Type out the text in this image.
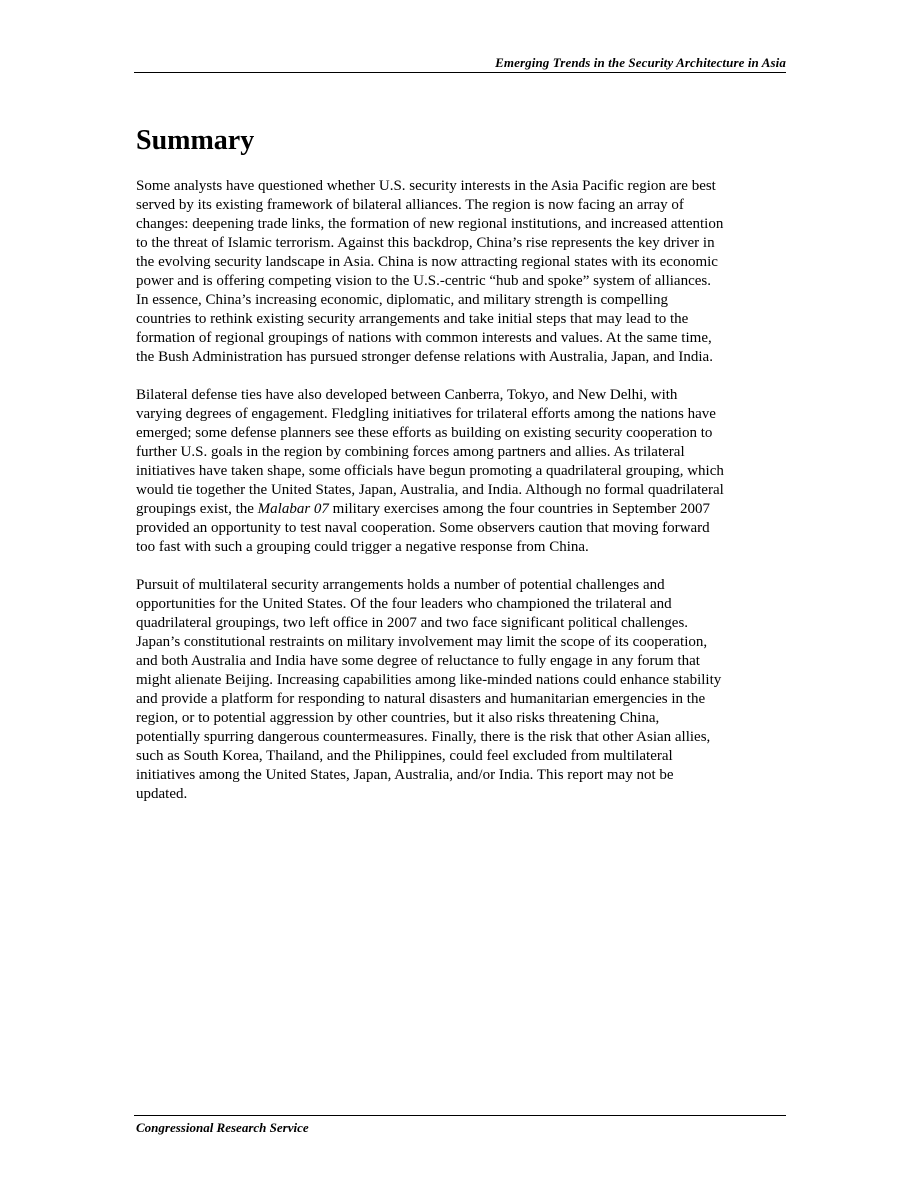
Emerging Trends in the Security Architecture in Asia
Summary

Some analysts have questioned whether U.S. security interests in the Asia Pacific region are best
served by its existing framework of bilateral alliances. The region is now facing an array of
changes: deepening trade links, the formation of new regional institutions, and increased attention
to the threat of Islamic terrorism. Against this backdrop, China’s rise represents the key driver in
the evolving security landscape in Asia. China is now attracting regional states with its economic
power and is offering competing vision to the U.S.-centric “hub and spoke” system of alliances.
In essence, China’s increasing economic, diplomatic, and military strength is compelling
countries to rethink existing security arrangements and take initial steps that may lead to the
formation of regional groupings of nations with common interests and values. At the same time,
the Bush Administration has pursued stronger defense relations with Australia, Japan, and India.

Bilateral defense ties have also developed between Canberra, Tokyo, and New Delhi, with
varying degrees of engagement. Fledgling initiatives for trilateral efforts among the nations have
emerged; some defense planners see these efforts as building on existing security cooperation to
further U.S. goals in the region by combining forces among partners and allies. As trilateral
initiatives have taken shape, some officials have begun promoting a quadrilateral grouping, which
would tie together the United States, Japan, Australia, and India. Although no formal quadrilateral
groupings exist, the Malabar 07 military exercises among the four countries in September 2007
provided an opportunity to test naval cooperation. Some observers caution that moving forward
too fast with such a grouping could trigger a negative response from China.

Pursuit of multilateral security arrangements holds a number of potential challenges and
opportunities for the United States. Of the four leaders who championed the trilateral and
quadrilateral groupings, two left office in 2007 and two face significant political challenges.
Japan’s constitutional restraints on military involvement may limit the scope of its cooperation,
and both Australia and India have some degree of reluctance to fully engage in any forum that
might alienate Beijing. Increasing capabilities among like-minded nations could enhance stability
and provide a platform for responding to natural disasters and humanitarian emergencies in the
region, or to potential aggression by other countries, but it also risks threatening China,
potentially spurring dangerous countermeasures. Finally, there is the risk that other Asian allies,
such as South Korea, Thailand, and the Philippines, could feel excluded from multilateral
initiatives among the United States, Japan, Australia, and/or India. This report may not be
updated.

Congressional Research Service
